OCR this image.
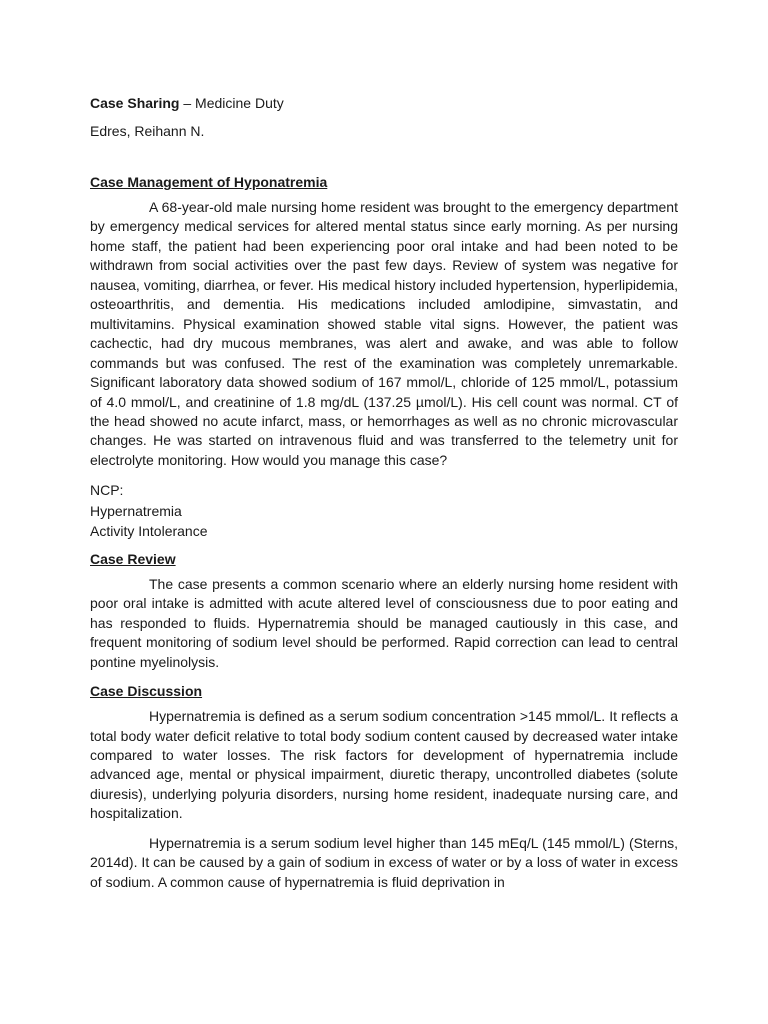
Case Sharing – Medicine Duty

Edres, Reihann N.

Case Management of Hyponatremia

A 68-year-old male nursing home resident was brought to the emergency department by emergency medical services for altered mental status since early morning. As per nursing home staff, the patient had been experiencing poor oral intake and had been noted to be withdrawn from social activities over the past few days. Review of system was negative for nausea, vomiting, diarrhea, or fever. His medical history included hypertension, hyperlipidemia, osteoarthritis, and dementia. His medications included amlodipine, simvastatin, and multivitamins. Physical examination showed stable vital signs. However, the patient was cachectic, had dry mucous membranes, was alert and awake, and was able to follow commands but was confused. The rest of the examination was completely unremarkable. Significant laboratory data showed sodium of 167 mmol/L, chloride of 125 mmol/L, potassium of 4.0 mmol/L, and creatinine of 1.8 mg/dL (137.25 µmol/L). His cell count was normal. CT of the head showed no acute infarct, mass, or hemorrhages as well as no chronic microvascular changes. He was started on intravenous fluid and was transferred to the telemetry unit for electrolyte monitoring. How would you manage this case?

NCP:
Hypernatremia
Activity Intolerance

Case Review

The case presents a common scenario where an elderly nursing home resident with poor oral intake is admitted with acute altered level of consciousness due to poor eating and has responded to fluids. Hypernatremia should be managed cautiously in this case, and frequent monitoring of sodium level should be performed. Rapid correction can lead to central pontine myelinolysis.

Case Discussion

Hypernatremia is defined as a serum sodium concentration >145 mmol/L. It reflects a total body water deficit relative to total body sodium content caused by decreased water intake compared to water losses. The risk factors for development of hypernatremia include advanced age, mental or physical impairment, diuretic therapy, uncontrolled diabetes (solute diuresis), underlying polyuria disorders, nursing home resident, inadequate nursing care, and hospitalization.

Hypernatremia is a serum sodium level higher than 145 mEq/L (145 mmol/L) (Sterns, 2014d). It can be caused by a gain of sodium in excess of water or by a loss of water in excess of sodium. A common cause of hypernatremia is fluid deprivation in
